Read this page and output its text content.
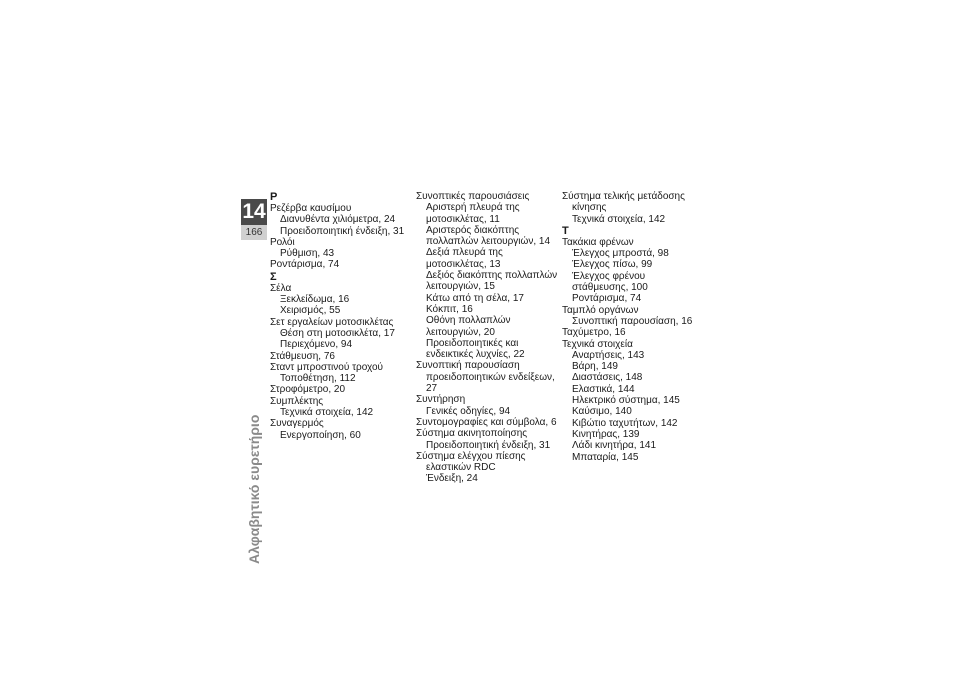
14
166
Αλφαβητικό ευρετήριο
Ρ
Ρεζέρβα καυσίμου
Διανυθέντα χιλιόμετρα, 24
Προειδοποιητική ένδειξη, 31
Ρολόι
Ρύθμιση, 43
Ροντάρισμα, 74
Σ
Σέλα
Ξεκλείδωμα, 16
Χειρισμός, 55
Σετ εργαλείων μοτοσικλέτας
Θέση στη μοτοσικλέτα, 17
Περιεχόμενο, 94
Στάθμευση, 76
Σταντ μπροστινού τροχού
Τοποθέτηση, 112
Στροφόμετρο, 20
Συμπλέκτης
Τεχνικά στοιχεία, 142
Συναγερμός
Ενεργοποίηση, 60
Συνοπτικές παρουσιάσεις
Αριστερή πλευρά της
μοτοσικλέτας, 11
Αριστερός διακόπτης
πολλαπλών λειτουργιών, 14
Δεξιά πλευρά της
μοτοσικλέτας, 13
Δεξιός διακόπτης πολλαπλών
λειτουργιών, 15
Κάτω από τη σέλα, 17
Κόκπιτ, 16
Οθόνη πολλαπλών
λειτουργιών, 20
Προειδοποιητικές και
ενδεικτικές λυχνίες, 22
Συνοπτική παρουσίαση
προειδοποιητικών ενδείξεων, 27
Συντήρηση
Γενικές οδηγίες, 94
Συντομογραφίες και σύμβολα, 6
Σύστημα ακινητοποίησης
Προειδοποιητική ένδειξη, 31
Σύστημα ελέγχου πίεσης
ελαστικών RDC
Ένδειξη, 24
Σύστημα τελικής μετάδοσης
κίνησης
Τεχνικά στοιχεία, 142
Τ
Τακάκια φρένων
Έλεγχος μπροστά, 98
Έλεγχος πίσω, 99
Έλεγχος φρένου
στάθμευσης, 100
Ροντάρισμα, 74
Ταμπλό οργάνων
Συνοπτική παρουσίαση, 16
Ταχύμετρο, 16
Τεχνικά στοιχεία
Αναρτήσεις, 143
Βάρη, 149
Διαστάσεις, 148
Ελαστικά, 144
Ηλεκτρικό σύστημα, 145
Καύσιμο, 140
Κιβώτιο ταχυτήτων, 142
Κινητήρας, 139
Λάδι κινητήρα, 141
Μπαταρία, 145
